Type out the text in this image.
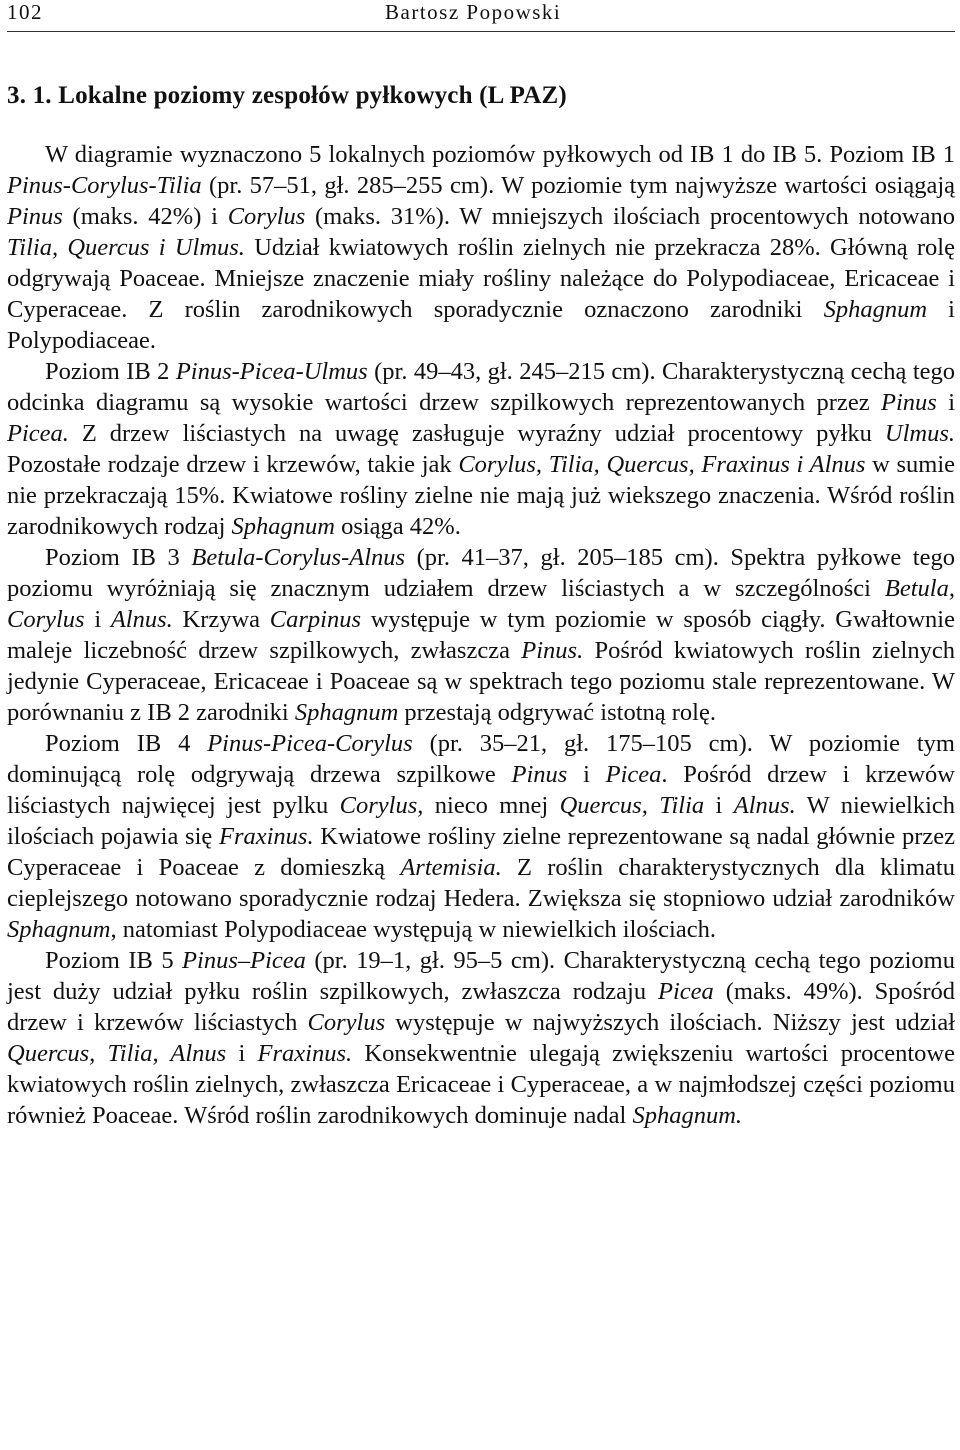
102	Bartosz Popowski
3. 1. Lokalne poziomy zespołów pyłkowych (L PAZ)

W diagramie wyznaczono 5 lokalnych poziomów pyłkowych od IB 1 do IB 5. Poziom IB 1 Pinus-Corylus-Tilia (pr. 57–51, gł. 285–255 cm). W poziomie tym najwyższe wartości osiągają Pinus (maks. 42%) i Corylus (maks. 31%). W mniejszych ilościach procentowych notowano Tilia, Quercus i Ulmus. Udział kwiatowych roślin zielnych nie przekracza 28%. Główną rolę odgrywają Poaceae. Mniejsze znaczenie miały rośliny należące do Polypodiaceae, Ericaceae i Cyperaceae. Z roślin zarodnikowych sporadycznie oznaczono zarodniki Sphagnum i Polypodiaceae.

Poziom IB 2 Pinus-Picea-Ulmus (pr. 49–43, gł. 245–215 cm). Charakterystyczną cechą tego odcinka diagramu są wysokie wartości drzew szpilkowych reprezentowanych przez Pinus i Picea. Z drzew liściastych na uwagę zasługuje wyraźny udział procentowy pyłku Ulmus. Pozostałe rodzaje drzew i krzewów, takie jak Corylus, Tilia, Quercus, Fraxinus i Alnus w sumie nie przekraczają 15%. Kwiatowe rośliny zielne nie mają już wiekszego znaczenia. Wśród roślin zarodnikowych rodzaj Sphagnum osiąga 42%.

Poziom IB 3 Betula-Corylus-Alnus (pr. 41–37, gł. 205–185 cm). Spektra pyłkowe tego poziomu wyróżniają się znacznym udziałem drzew liściastych a w szczególności Betula, Corylus i Alnus. Krzywa Carpinus występuje w tym poziomie w sposób ciągły. Gwałtownie maleje liczebność drzew szpilkowych, zwłaszcza Pinus. Pośród kwiatowych roślin zielnych jedynie Cyperaceae, Ericaceae i Poaceae są w spektrach tego poziomu stale reprezentowane. W porównaniu z IB 2 zarodniki Sphagnum przestają odgrywać istotną rolę.

Poziom IB 4 Pinus-Picea-Corylus (pr. 35–21, gł. 175–105 cm). W poziomie tym dominującą rolę odgrywają drzewa szpilkowe Pinus i Picea. Pośród drzew i krzewów liściastych najwięcej jest pylku Corylus, nieco mnej Quercus, Tilia i Alnus. W niewielkich ilościach pojawia się Fraxinus. Kwiatowe rośliny zielne reprezentowane są nadal głównie przez Cyperaceae i Poaceae z domieszką Artemisia. Z roślin charakterystycznych dla klimatu cieplejszego notowano sporadycznie rodzaj Hedera. Zwiększa się stopniowo udział zarodników Sphagnum, natomiast Polypodiaceae występują w niewielkich ilościach.

Poziom IB 5 Pinus–Picea (pr. 19–1, gł. 95–5 cm). Charakterystyczną cechą tego poziomu jest duży udział pyłku roślin szpilkowych, zwłaszcza rodzaju Picea (maks. 49%). Spośród drzew i krzewów liściastych Corylus występuje w najwyższych ilościach. Niższy jest udział Quercus, Tilia, Alnus i Fraxinus. Konsekwentnie ulegają zwiększeniu wartości procentowe kwiatowych roślin zielnych, zwłaszcza Ericaceae i Cyperaceae, a w najmłodszej części poziomu również Poaceae. Wśród roślin zarodnikowych dominuje nadal Sphagnum.
